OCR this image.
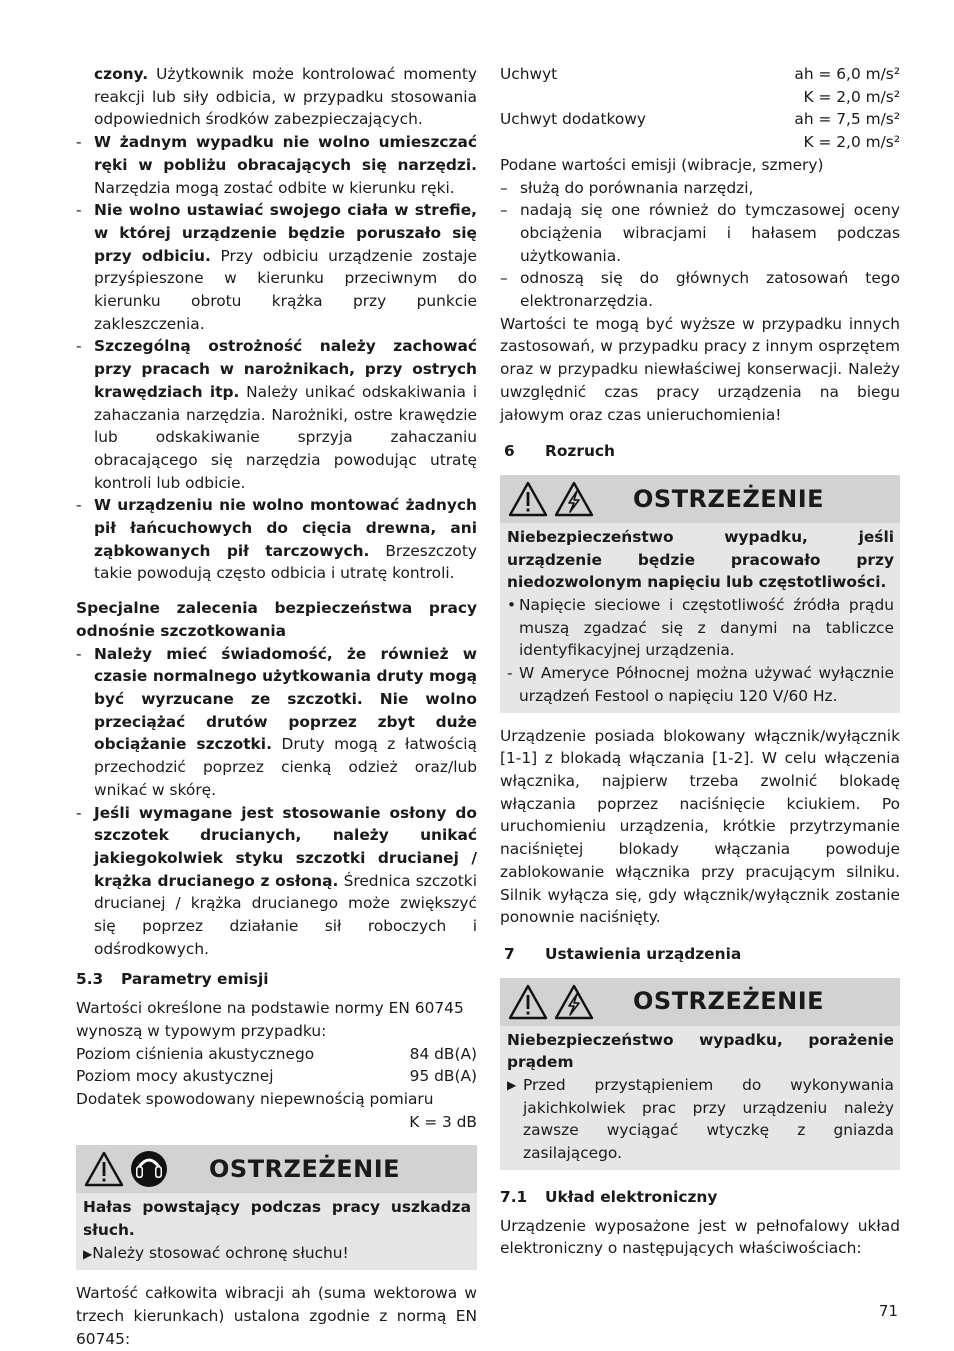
czony. Użytkownik może kontrolować momenty reakcji lub siły odbicia, w przypadku stosowania odpowiednich środków zabezpieczających.

- W żadnym wypadku nie wolno umieszczać ręki w pobliżu obracających się narzędzi. Narzędzia mogą zostać odbite w kierunku ręki.
- Nie wolno ustawiać swojego ciała w strefie, w której urządzenie będzie poruszało się przy odbiciu. Przy odbiciu urządzenie zostaje przyśpieszone w kierunku przeciwnym do kierunku obrotu krążka przy punkcie zakleszczenia.
- Szczególną ostrożność należy zachować przy pracach w narożnikach, przy ostrych krawędziach itp. Należy unikać odskakiwania i zahaczania narzędzia. Narożniki, ostre krawędzie lub odskakiwanie sprzyja zahaczaniu obracającego się narzędzia powodując utratę kontroli lub odbicie.
- W urządzeniu nie wolno montować żadnych pił łańcuchowych do cięcia drewna, ani ząbkowanych pił tarczowych. Brzeszczoty takie powodują często odbicia i utratę kontroli.

Specjalne zalecenia bezpieczeństwa pracy odnośnie szczotkowania

- Należy mieć świadomość, że również w czasie normalnego użytkowania druty mogą być wyrzucane ze szczotki. Nie wolno przeciążać drutów poprzez zbyt duże obciążanie szczotki. Druty mogą z łatwością przechodzić poprzez cienką odzież oraz/lub wnikać w skórę.
- Jeśli wymagane jest stosowanie osłony do szczotek drucianych, należy unikać jakiegokolwiek styku szczotki drucianej / krążka drucianego z osłoną. Średnica szczotki drucianej / krążka drucianego może zwiększyć się poprzez działanie sił roboczych i odśrodkowych.

5.3 Parametry emisji

Wartości określone na podstawie normy EN 60745 wynoszą w typowym przypadku:

Poziom ciśnienia akustycznego	84 dB(A)
Poziom mocy akustycznej	95 dB(A)

Dodatek spowodowany niepewnością pomiaru

K = 3 dB

OSTRZEŻENIE

Hałas powstający podczas pracy uszkadza słuch.

▶Należy stosować ochronę słuchu!

Wartość całkowita wibracji ah (suma wektorowa w trzech kierunkach) ustalona zgodnie z normą EN 60745:

Uchwyt	ah = 6,0 m/s²

K = 2,0 m/s²

Uchwyt dodatkowy	ah = 7,5 m/s²

K = 2,0 m/s²

Podane wartości emisji (wibracje, szmery)

– służą do porównania narzędzi,
– nadają się one również do tymczasowej oceny obciążenia wibracjami i hałasem podczas użytkowania.
– odnoszą się do głównych zatosowań tego elektronarzędzia.

Wartości te mogą być wyższe w przypadku innych zastosowań, w przypadku pracy z innym osprzętem oraz w przypadku niewłaściwej konserwacji. Należy uwzględnić czas pracy urządzenia na biegu jałowym oraz czas unieruchomienia!

6 Rozruch

OSTRZEŻENIE

Niebezpieczeństwo wypadku, jeśli urządzenie będzie pracowało przy niedozwolonym napięciu lub częstotliwości.

• Napięcie sieciowe i częstotliwość źródła prądu muszą zgadzać się z danymi na tabliczce identyfikacyjnej urządzenia.
- W Ameryce Północnej można używać wyłącznie urządzeń Festool o napięciu 120 V/60 Hz.

Urządzenie posiada blokowany włącznik/wyłącznik [1-1] z blokadą włączania [1-2]. W celu włączenia włącznika, najpierw trzeba zwolnić blokadę włączania poprzez naciśnięcie kciukiem. Po uruchomieniu urządzenia, krótkie przytrzymanie naciśniętej blokady włączania powoduje zablokowanie włącznika przy pracującym silniku. Silnik wyłącza się, gdy włącznik/wyłącznik zostanie ponownie naciśnięty.

7 Ustawienia urządzenia

OSTRZEŻENIE

Niebezpieczeństwo wypadku, porażenie prądem

▶ Przed przystąpieniem do wykonywania jakichkolwiek prac przy urządzeniu należy zawsze wyciągać wtyczkę z gniazda zasilającego.

7.1 Układ elektroniczny

Urządzenie wyposażone jest w pełnofalowy układ elektroniczny o następujących właściwościach:

71
